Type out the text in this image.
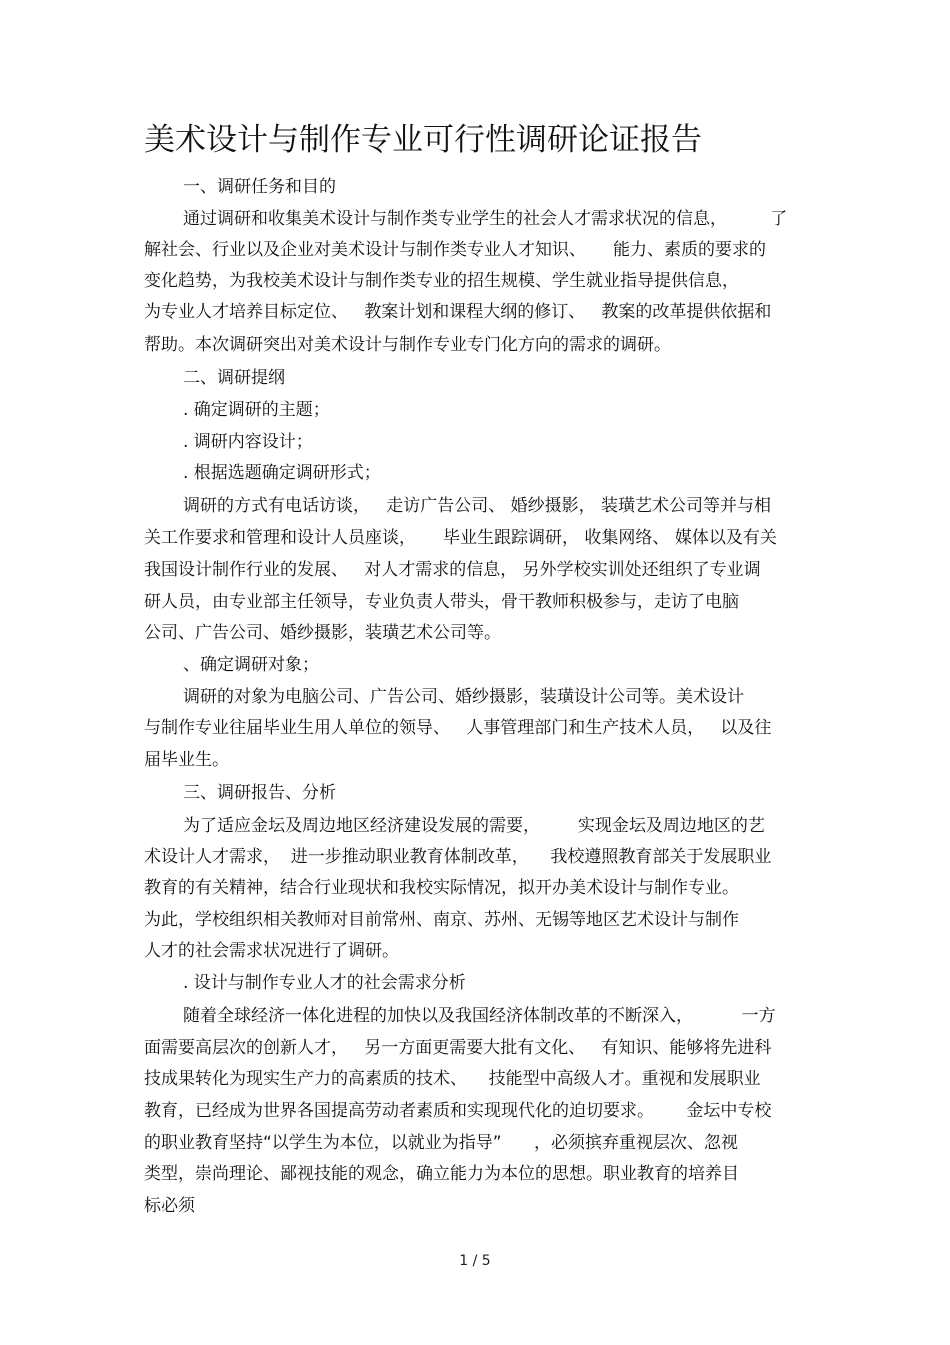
美术设计与制作专业可行性调研论证报告
一、调研任务和目的
通过调研和收集美术设计与制作类专业学生的社会人才需求状况的信息，        了
解社会、行业以及企业对美术设计与制作类专业人才知识、     能力、素质的要求的
变化趋势，为我校美术设计与制作类专业的招生规模、学生就业指导提供信息，
为专业人才培养目标定位、   教案计划和课程大纲的修订、   教案的改革提供依据和
帮助。本次调研突出对美术设计与制作专业专门化方向的需求的调研。
二、调研提纲
. 确定调研的主题；
. 调研内容设计；
. 根据选题确定调研形式；
调研的方式有电话访谈，   走访广告公司、 婚纱摄影， 装璜艺术公司等并与相
关工作要求和管理和设计人员座谈，     毕业生跟踪调研， 收集网络、 媒体以及有关
我国设计制作行业的发展、   对人才需求的信息， 另外学校实训处还组织了专业调
研人员，由专业部主任领导，专业负责人带头，骨干教师积极参与，走访了电脑
公司、广告公司、婚纱摄影，装璜艺术公司等。
、确定调研对象；
调研的对象为电脑公司、广告公司、婚纱摄影，装璜设计公司等。美术设计
与制作专业往届毕业生用人单位的领导、   人事管理部门和生产技术人员，   以及往
届毕业生。
三、调研报告、分析
为了适应金坛及周边地区经济建设发展的需要，       实现金坛及周边地区的艺
术设计人才需求，  进一步推动职业教育体制改革，    我校遵照教育部关于发展职业
教育的有关精神，结合行业现状和我校实际情况，拟开办美术设计与制作专业。
为此，学校组织相关教师对目前常州、南京、苏州、无锡等地区艺术设计与制作
人才的社会需求状况进行了调研。
. 设计与制作专业人才的社会需求分析
随着全球经济一体化进程的加快以及我国经济体制改革的不断深入，         一方
面需要高层次的创新人才，   另一方面更需要大批有文化、   有知识、能够将先进科
技成果转化为现实生产力的高素质的技术、    技能型中高级人才。重视和发展职业
教育，已经成为世界各国提高劳动者素质和实现现代化的迫切要求。      金坛中专校
的职业教育坚持“以学生为本位，以就业为指导”      ，必须摈弃重视层次、忽视
类型，崇尚理论、鄙视技能的观念，确立能力为本位的思想。职业教育的培养目
标必须
1 / 5
